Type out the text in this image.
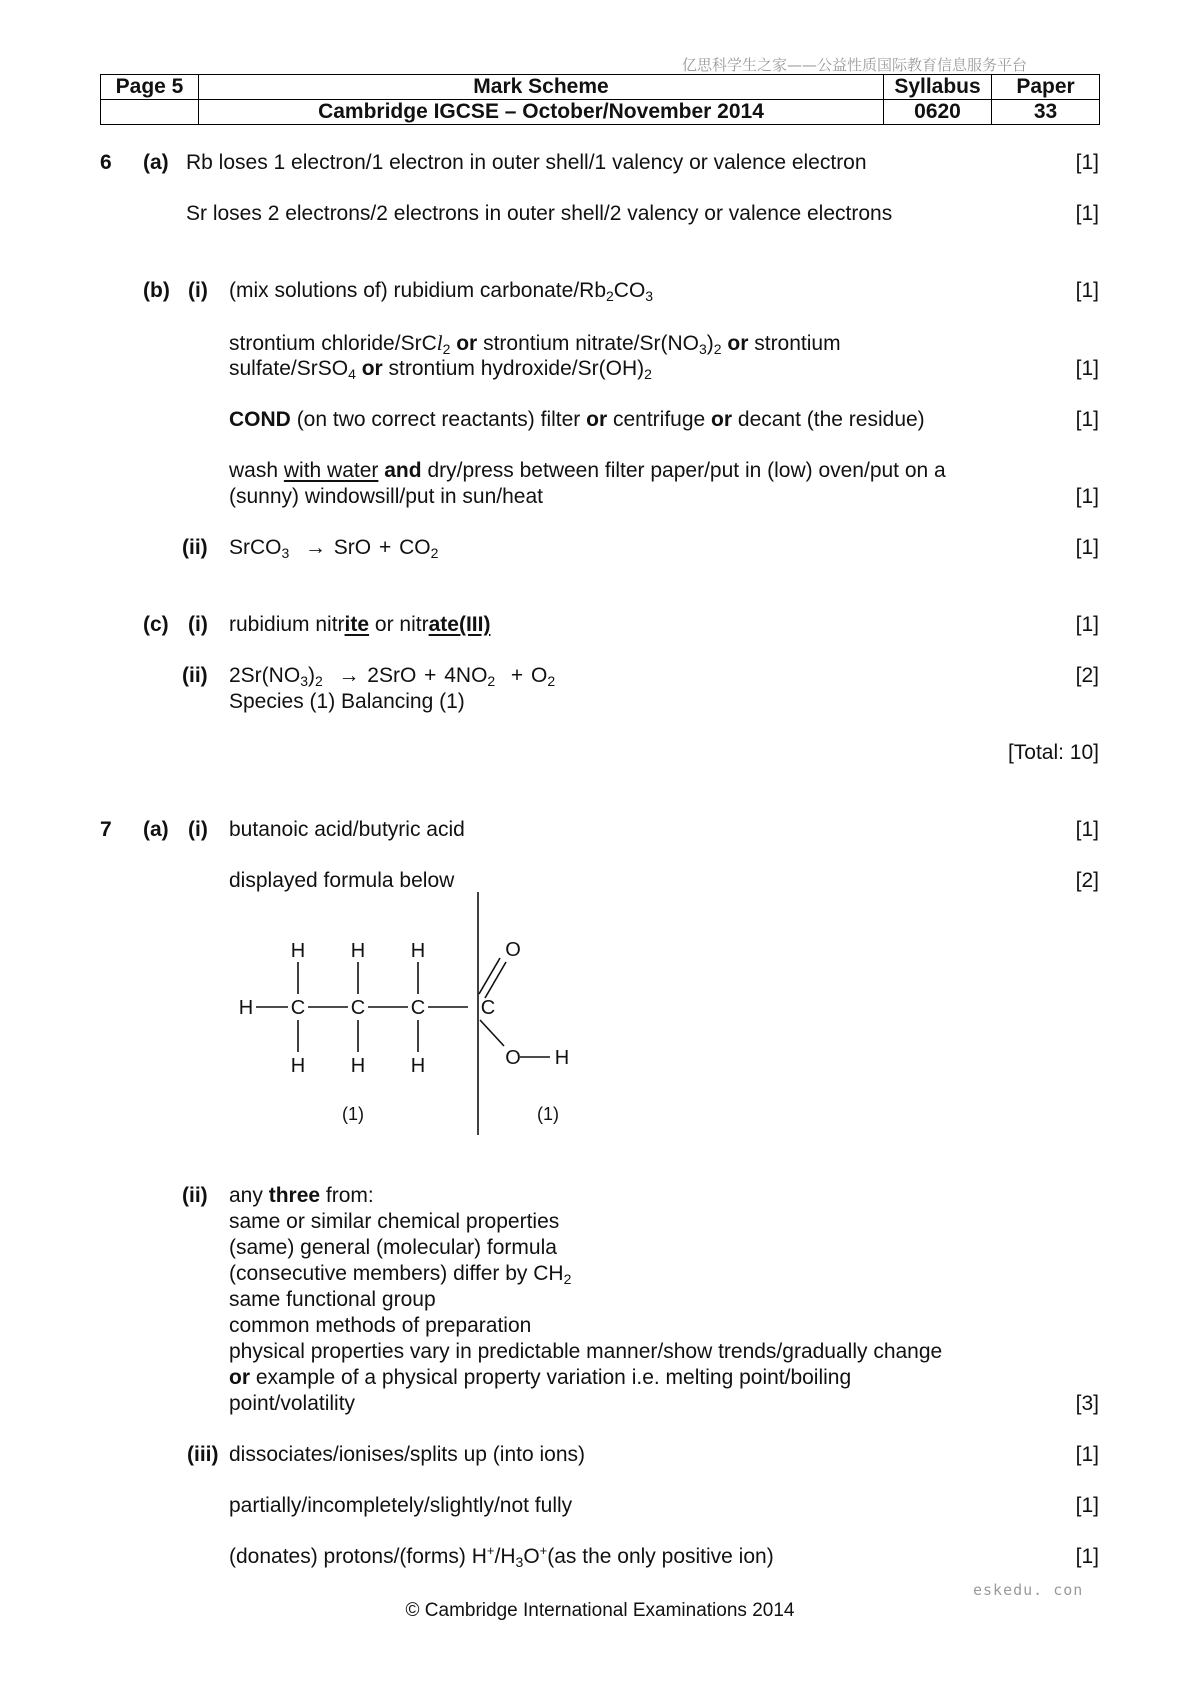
亿思科学生之家——公益性质国际教育信息服务平台
Page 5	Mark Scheme	Syllabus	Paper
	Cambridge IGCSE – October/November 2014	0620	33
6 (a) Rb loses 1 electron/1 electron in outer shell/1 valency or valence electron	[1]
Sr loses 2 electrons/2 electrons in outer shell/2 valency or valence electrons	[1]
(b) (i) (mix solutions of) rubidium carbonate/$Rb_2CO_3$	[1]
strontium chloride/SrCl$_2$ or strontium nitrate/$Sr(NO_3)_2$ or strontium
sulfate/SrSO$_4$ or strontium hydroxide/$Sr(OH)_2$	[1]
COND (on two correct reactants) filter or centrifuge or decant (the residue)	[1]
wash with water and dry/press between filter paper/put in (low) oven/put on a
(sunny) windowsill/put in sun/heat	[1]
(ii) SrCO$_3$ → SrO + $CO_2$	[1]
(c) (i) rubidium nitrite or nitrate(III)	[1]
(ii) $2Sr(NO_3)_2 \to 2SrO + 4NO_2 + O_2$	[2]
Species (1) Balancing (1)
[Total: 10]
7 (a) (i) butanoic acid/butyric acid	[1]
displayed formula below	[2]
H C C C	C
H H H
H H H
O
O H
(1)	(1)
(ii) any three from:
same or similar chemical properties
(same) general (molecular) formula
(consecutive members) differ by $CH_2$
same functional group
common methods of preparation
physical properties vary in predictable manner/show trends/gradually change
or example of a physical property variation i.e. melting point/boiling
point/volatility	[3]
(iii) dissociates/ionises/splits up (into ions)	[1]
partially/incompletely/slightly/not fully	[1]
(donates) protons/(forms) $H^+/H_3O^+(as$ the only positive ion)	[1]
eskedu. con
© Cambridge International Examinations 2014
